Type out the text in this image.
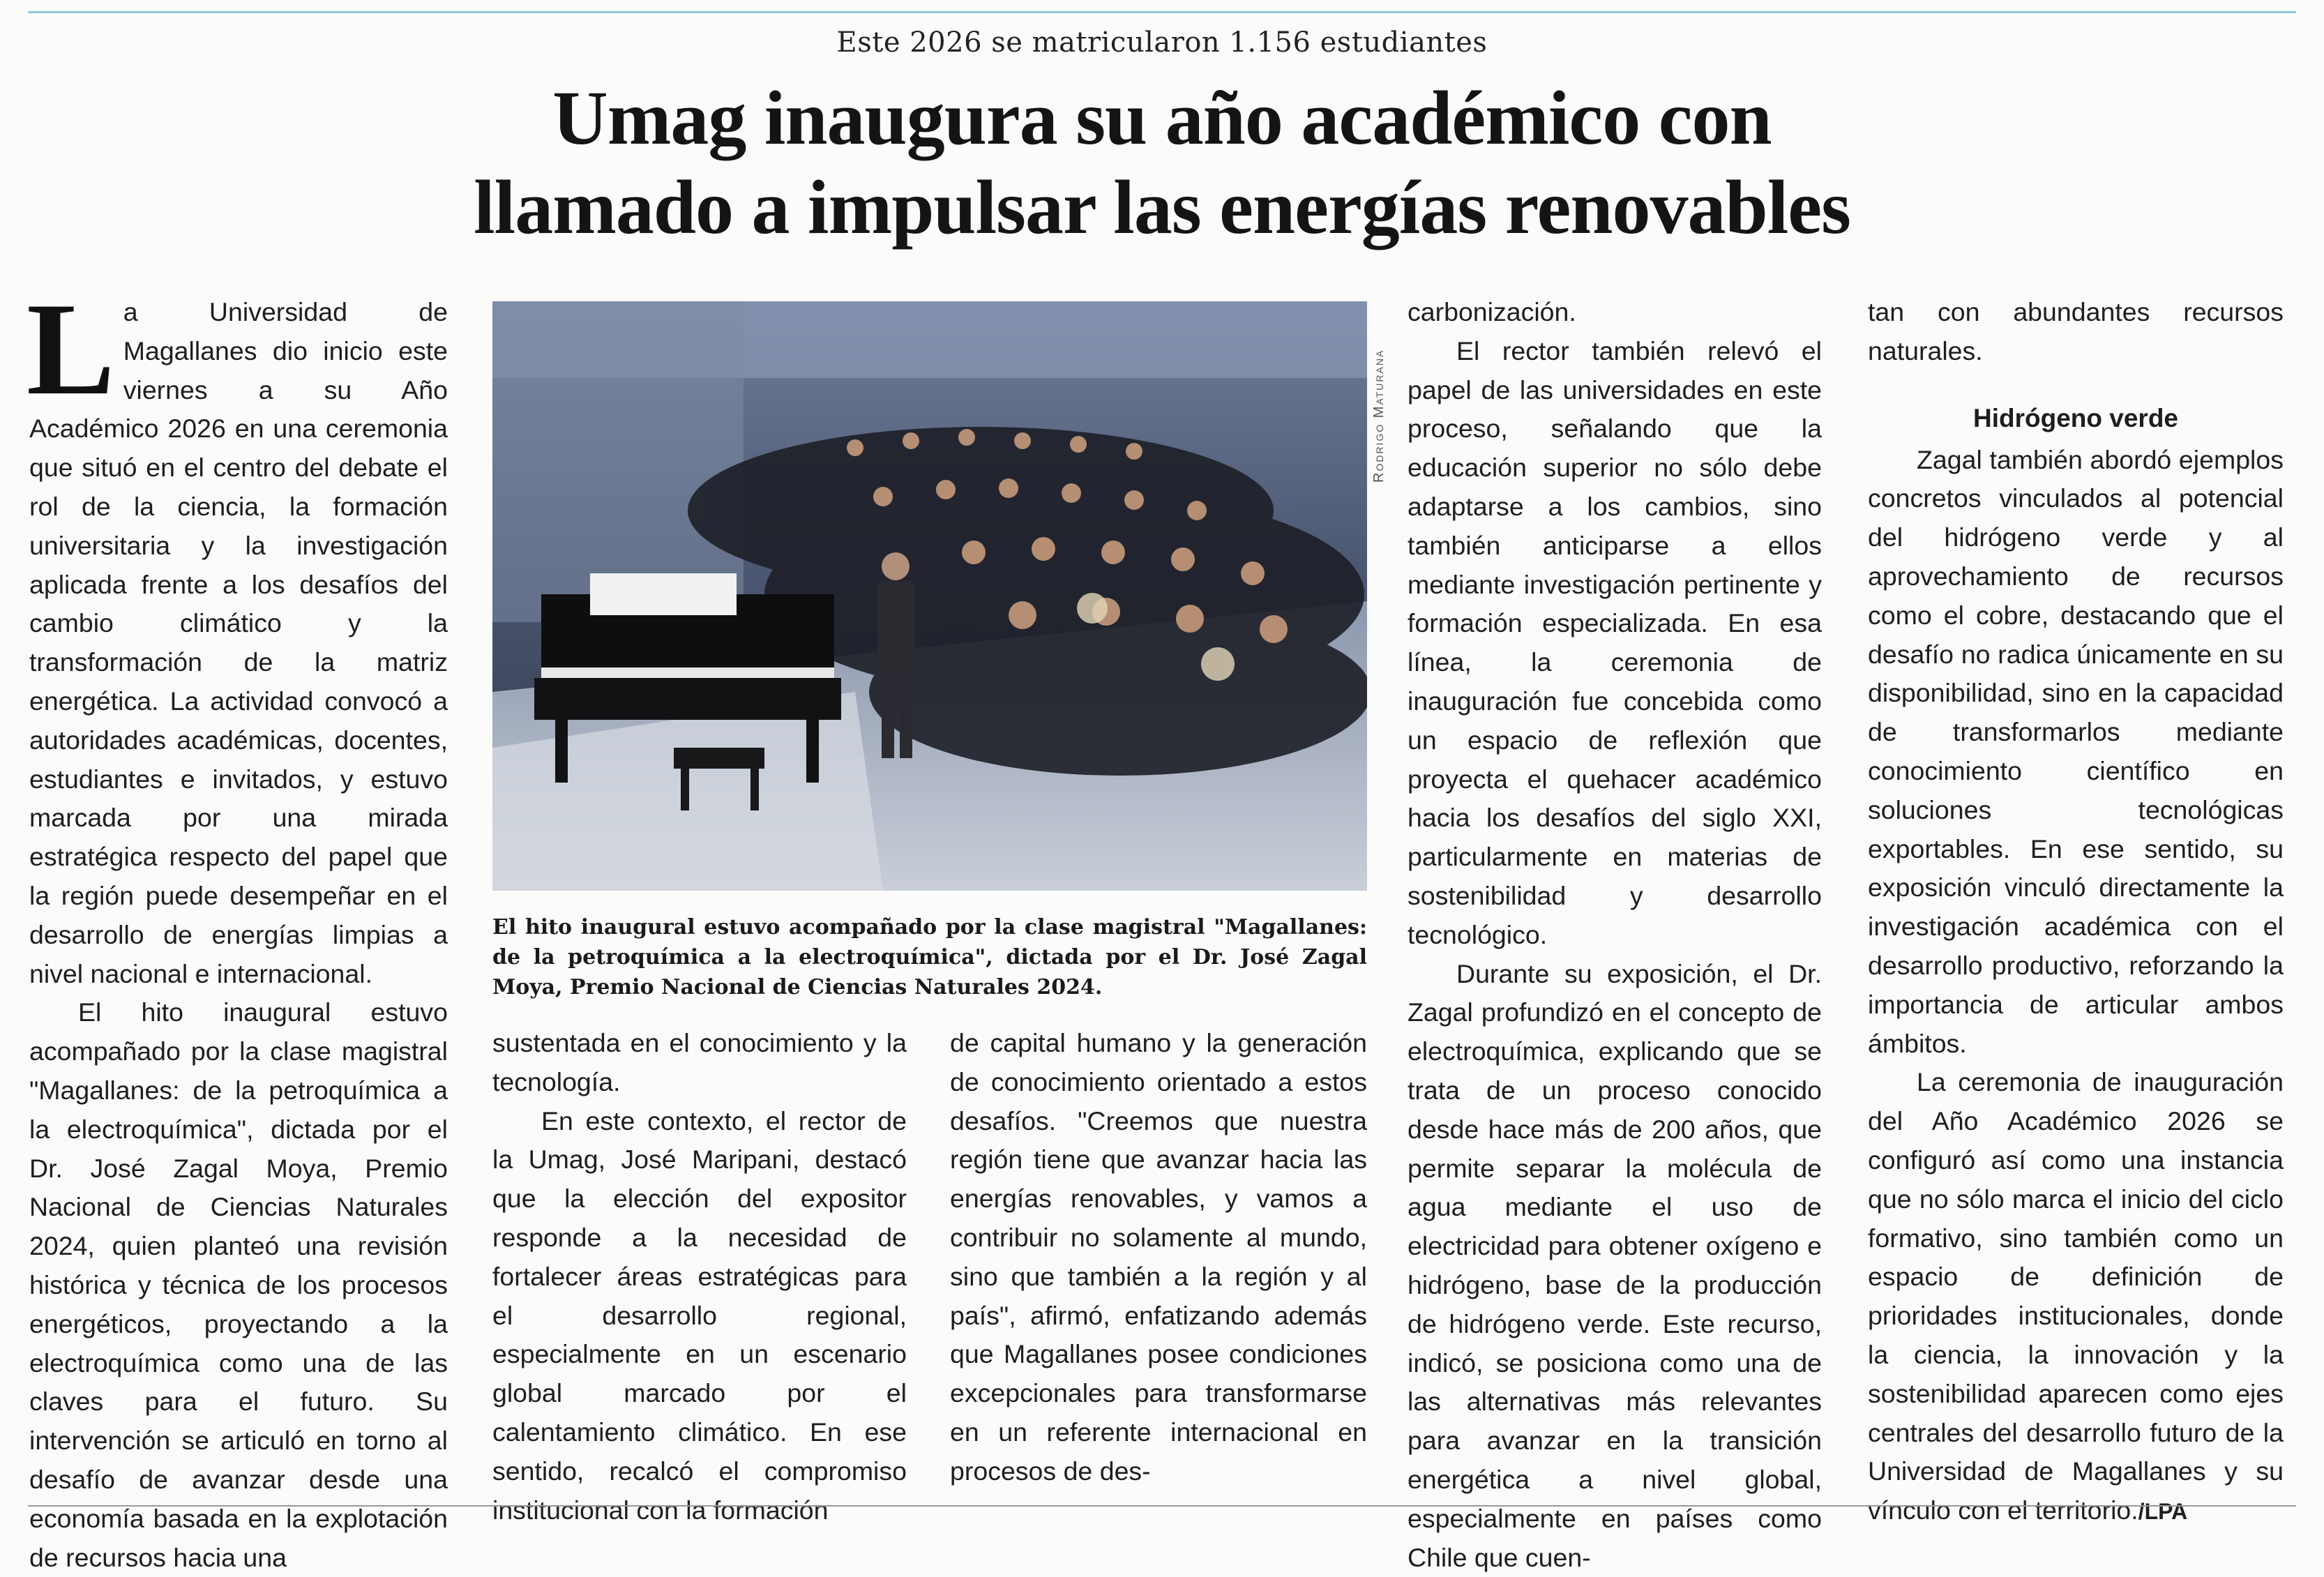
Este 2026 se matricularon 1.156 estudiantes
Umag inaugura su año académico con
llamado a impulsar las energías renovables

La Universidad de Magallanes dio inicio este viernes a su Año Académico 2026 en una ceremonia que situó en el centro del debate el rol de la ciencia, la formación universitaria y la investigación aplicada frente a los desafíos del cambio climático y la transformación de la matriz energética. La actividad convocó a autoridades académicas, docentes, estudiantes e invitados, y estuvo marcada por una mirada estratégica respecto del papel que la región puede desempeñar en el desarrollo de energías limpias a nivel nacional e internacional.

El hito inaugural estuvo acompañado por la clase magistral "Magallanes: de la petroquímica a la electroquímica", dictada por el Dr. José Zagal Moya, Premio Nacional de Ciencias Naturales 2024, quien planteó una revisión histórica y técnica de los procesos energéticos, proyectando a la electroquímica como una de las claves para el futuro. Su intervención se articuló en torno al desafío de avanzar desde una economía basada en la explotación de recursos hacia una

Rodrigo Maturana
El hito inaugural estuvo acompañado por la clase magistral "Magallanes: de la petroquímica a la electroquímica", dictada por el Dr. José Zagal Moya, Premio Nacional de Ciencias Naturales 2024.

sustentada en el conocimiento y la tecnología.

En este contexto, el rector de la Umag, José Maripani, destacó que la elección del expositor responde a la necesidad de fortalecer áreas estratégicas para el desarrollo regional, especialmente en un escenario global marcado por el calentamiento climático. En ese sentido, recalcó el compromiso institucional con la formación

de capital humano y la generación de conocimiento orientado a estos desafíos. "Creemos que nuestra región tiene que avanzar hacia las energías renovables, y vamos a contribuir no solamente al mundo, sino que también a la región y al país", afirmó, enfatizando además que Magallanes posee condiciones excepcionales para transformarse en un referente internacional en procesos de des-

carbonización.

El rector también relevó el papel de las universidades en este proceso, señalando que la educación superior no sólo debe adaptarse a los cambios, sino también anticiparse a ellos mediante investigación pertinente y formación especializada. En esa línea, la ceremonia de inauguración fue concebida como un espacio de reflexión que proyecta el quehacer académico hacia los desafíos del siglo XXI, particularmente en materias de sostenibilidad y desarrollo tecnológico.

Durante su exposición, el Dr. Zagal profundizó en el concepto de electroquímica, explicando que se trata de un proceso conocido desde hace más de 200 años, que permite separar la molécula de agua mediante el uso de electricidad para obtener oxígeno e hidrógeno, base de la producción de hidrógeno verde. Este recurso, indicó, se posiciona como una de las alternativas más relevantes para avanzar en la transición energética a nivel global, especialmente en países como Chile que cuen-

tan con abundantes recursos naturales.

Hidrógeno verde

Zagal también abordó ejemplos concretos vinculados al potencial del hidrógeno verde y al aprovechamiento de recursos como el cobre, destacando que el desafío no radica únicamente en su disponibilidad, sino en la capacidad de transformarlos mediante conocimiento científico en soluciones tecnológicas exportables. En ese sentido, su exposición vinculó directamente la investigación académica con el desarrollo productivo, reforzando la importancia de articular ambos ámbitos.

La ceremonia de inauguración del Año Académico 2026 se configuró así como una instancia que no sólo marca el inicio del ciclo formativo, sino también como un espacio de definición de prioridades institucionales, donde la ciencia, la innovación y la sostenibilidad aparecen como ejes centrales del desarrollo futuro de la Universidad de Magallanes y su vínculo con el territorio./LPA
